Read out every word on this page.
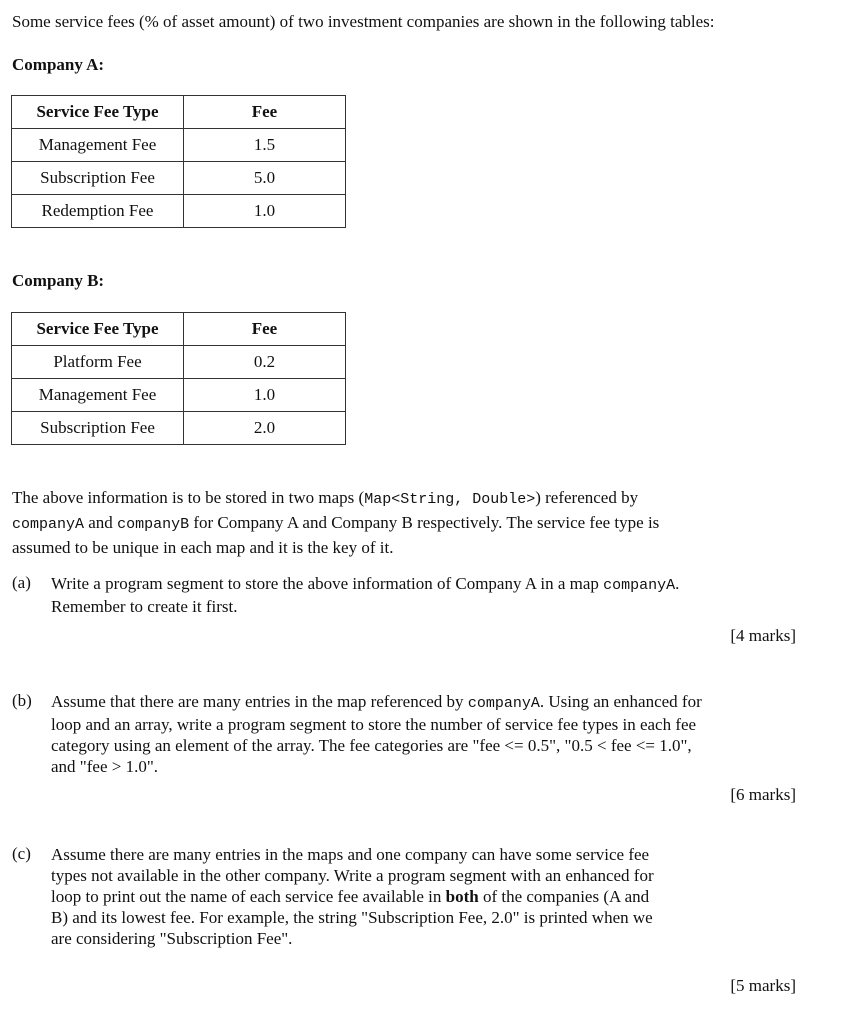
Some service fees (% of asset amount) of two investment companies are shown in the following tables:
Company A:
Service Fee Type	Fee
Management Fee	1.5
Subscription Fee	5.0
Redemption Fee	1.0
Company B:
Service Fee Type	Fee
Platform Fee	0.2
Management Fee	1.0
Subscription Fee	2.0
The above information is to be stored in two maps (Map<String, Double>) referenced by
companyA and companyB for Company A and Company B respectively. The service fee type is
assumed to be unique in each map and it is the key of it.
(a) Write a program segment to store the above information of Company A in a map companyA.
Remember to create it first.
[4 marks]
(b) Assume that there are many entries in the map referenced by companyA. Using an enhanced for
loop and an array, write a program segment to store the number of service fee types in each fee
category using an element of the array. The fee categories are "fee <= 0.5", "0.5 < fee <= 1.0",
and "fee > 1.0".
[6 marks]
(c) Assume there are many entries in the maps and one company can have some service fee
types not available in the other company. Write a program segment with an enhanced for
loop to print out the name of each service fee available in both of the companies (A and
B) and its lowest fee. For example, the string "Subscription Fee, 2.0" is printed when we
are considering "Subscription Fee".
[5 marks]
